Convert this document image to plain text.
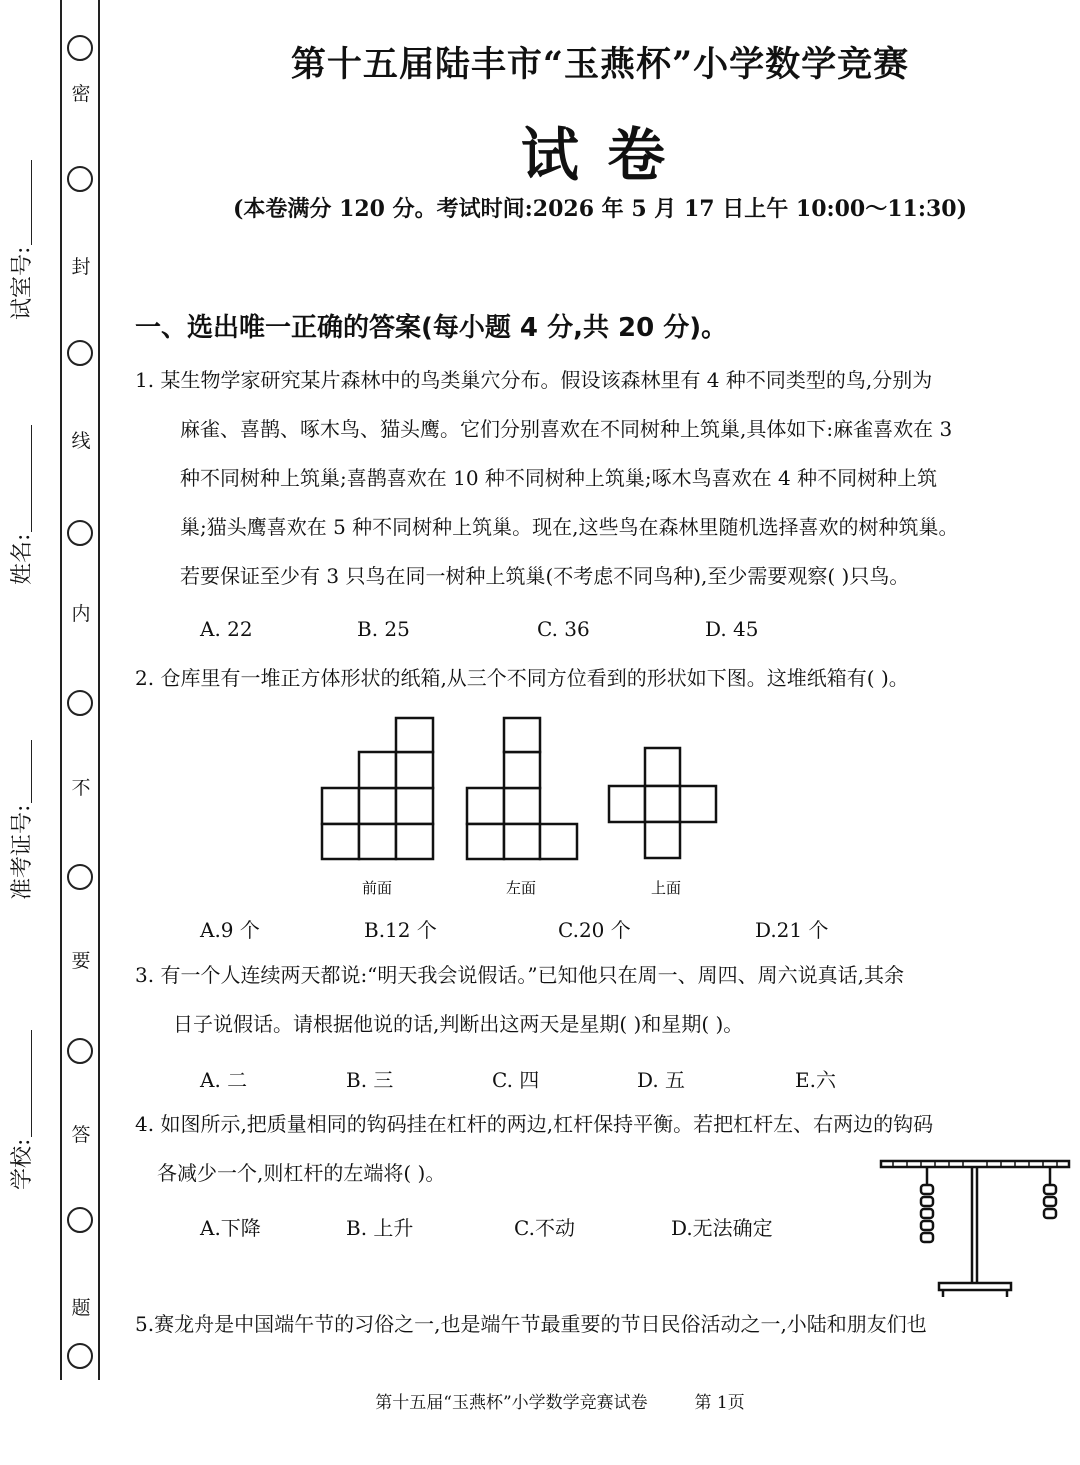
密
封
线
内
不
要
答
题
试室号:
姓名:
准考证号:
学校:
第十五届陆丰市“玉燕杯”小学数学竞赛
试 卷
(本卷满分 120 分。考试时间:2026 年 5 月 17 日上午 10:00～11:30)
一、选出唯一正确的答案(每小题 4 分,共 20 分)。
1. 某生物学家研究某片森林中的鸟类巢穴分布。假设该森林里有 4 种不同类型的鸟,分别为
麻雀、喜鹊、啄木鸟、猫头鹰。它们分别喜欢在不同树种上筑巢,具体如下:麻雀喜欢在 3
种不同树种上筑巢;喜鹊喜欢在 10 种不同树种上筑巢;啄木鸟喜欢在 4 种不同树种上筑
巢;猫头鹰喜欢在 5 种不同树种上筑巢。现在,这些鸟在森林里随机选择喜欢的树种筑巢。
若要保证至少有 3 只鸟在同一树种上筑巢(不考虑不同鸟种),至少需要观察( )只鸟。
A. 22	B. 25	C. 36	D. 45
2. 仓库里有一堆正方体形状的纸箱,从三个不同方位看到的形状如下图。这堆纸箱有( )。
前面	左面	上面
A.9 个	B.12 个	C.20 个	D.21 个
3. 有一个人连续两天都说:“明天我会说假话。”已知他只在周一、周四、周六说真话,其余
日子说假话。请根据他说的话,判断出这两天是星期( )和星期( )。
A. 二	B. 三	C. 四	D. 五	E.六
4. 如图所示,把质量相同的钩码挂在杠杆的两边,杠杆保持平衡。若把杠杆左、右两边的钩码
各减少一个,则杠杆的左端将( )。
A.下降	B. 上升	C.不动	D.无法确定
5.赛龙舟是中国端午节的习俗之一,也是端午节最重要的节日民俗活动之一,小陆和朋友们也
第十五届“玉燕杯”小学数学竞赛试卷	第 1页
